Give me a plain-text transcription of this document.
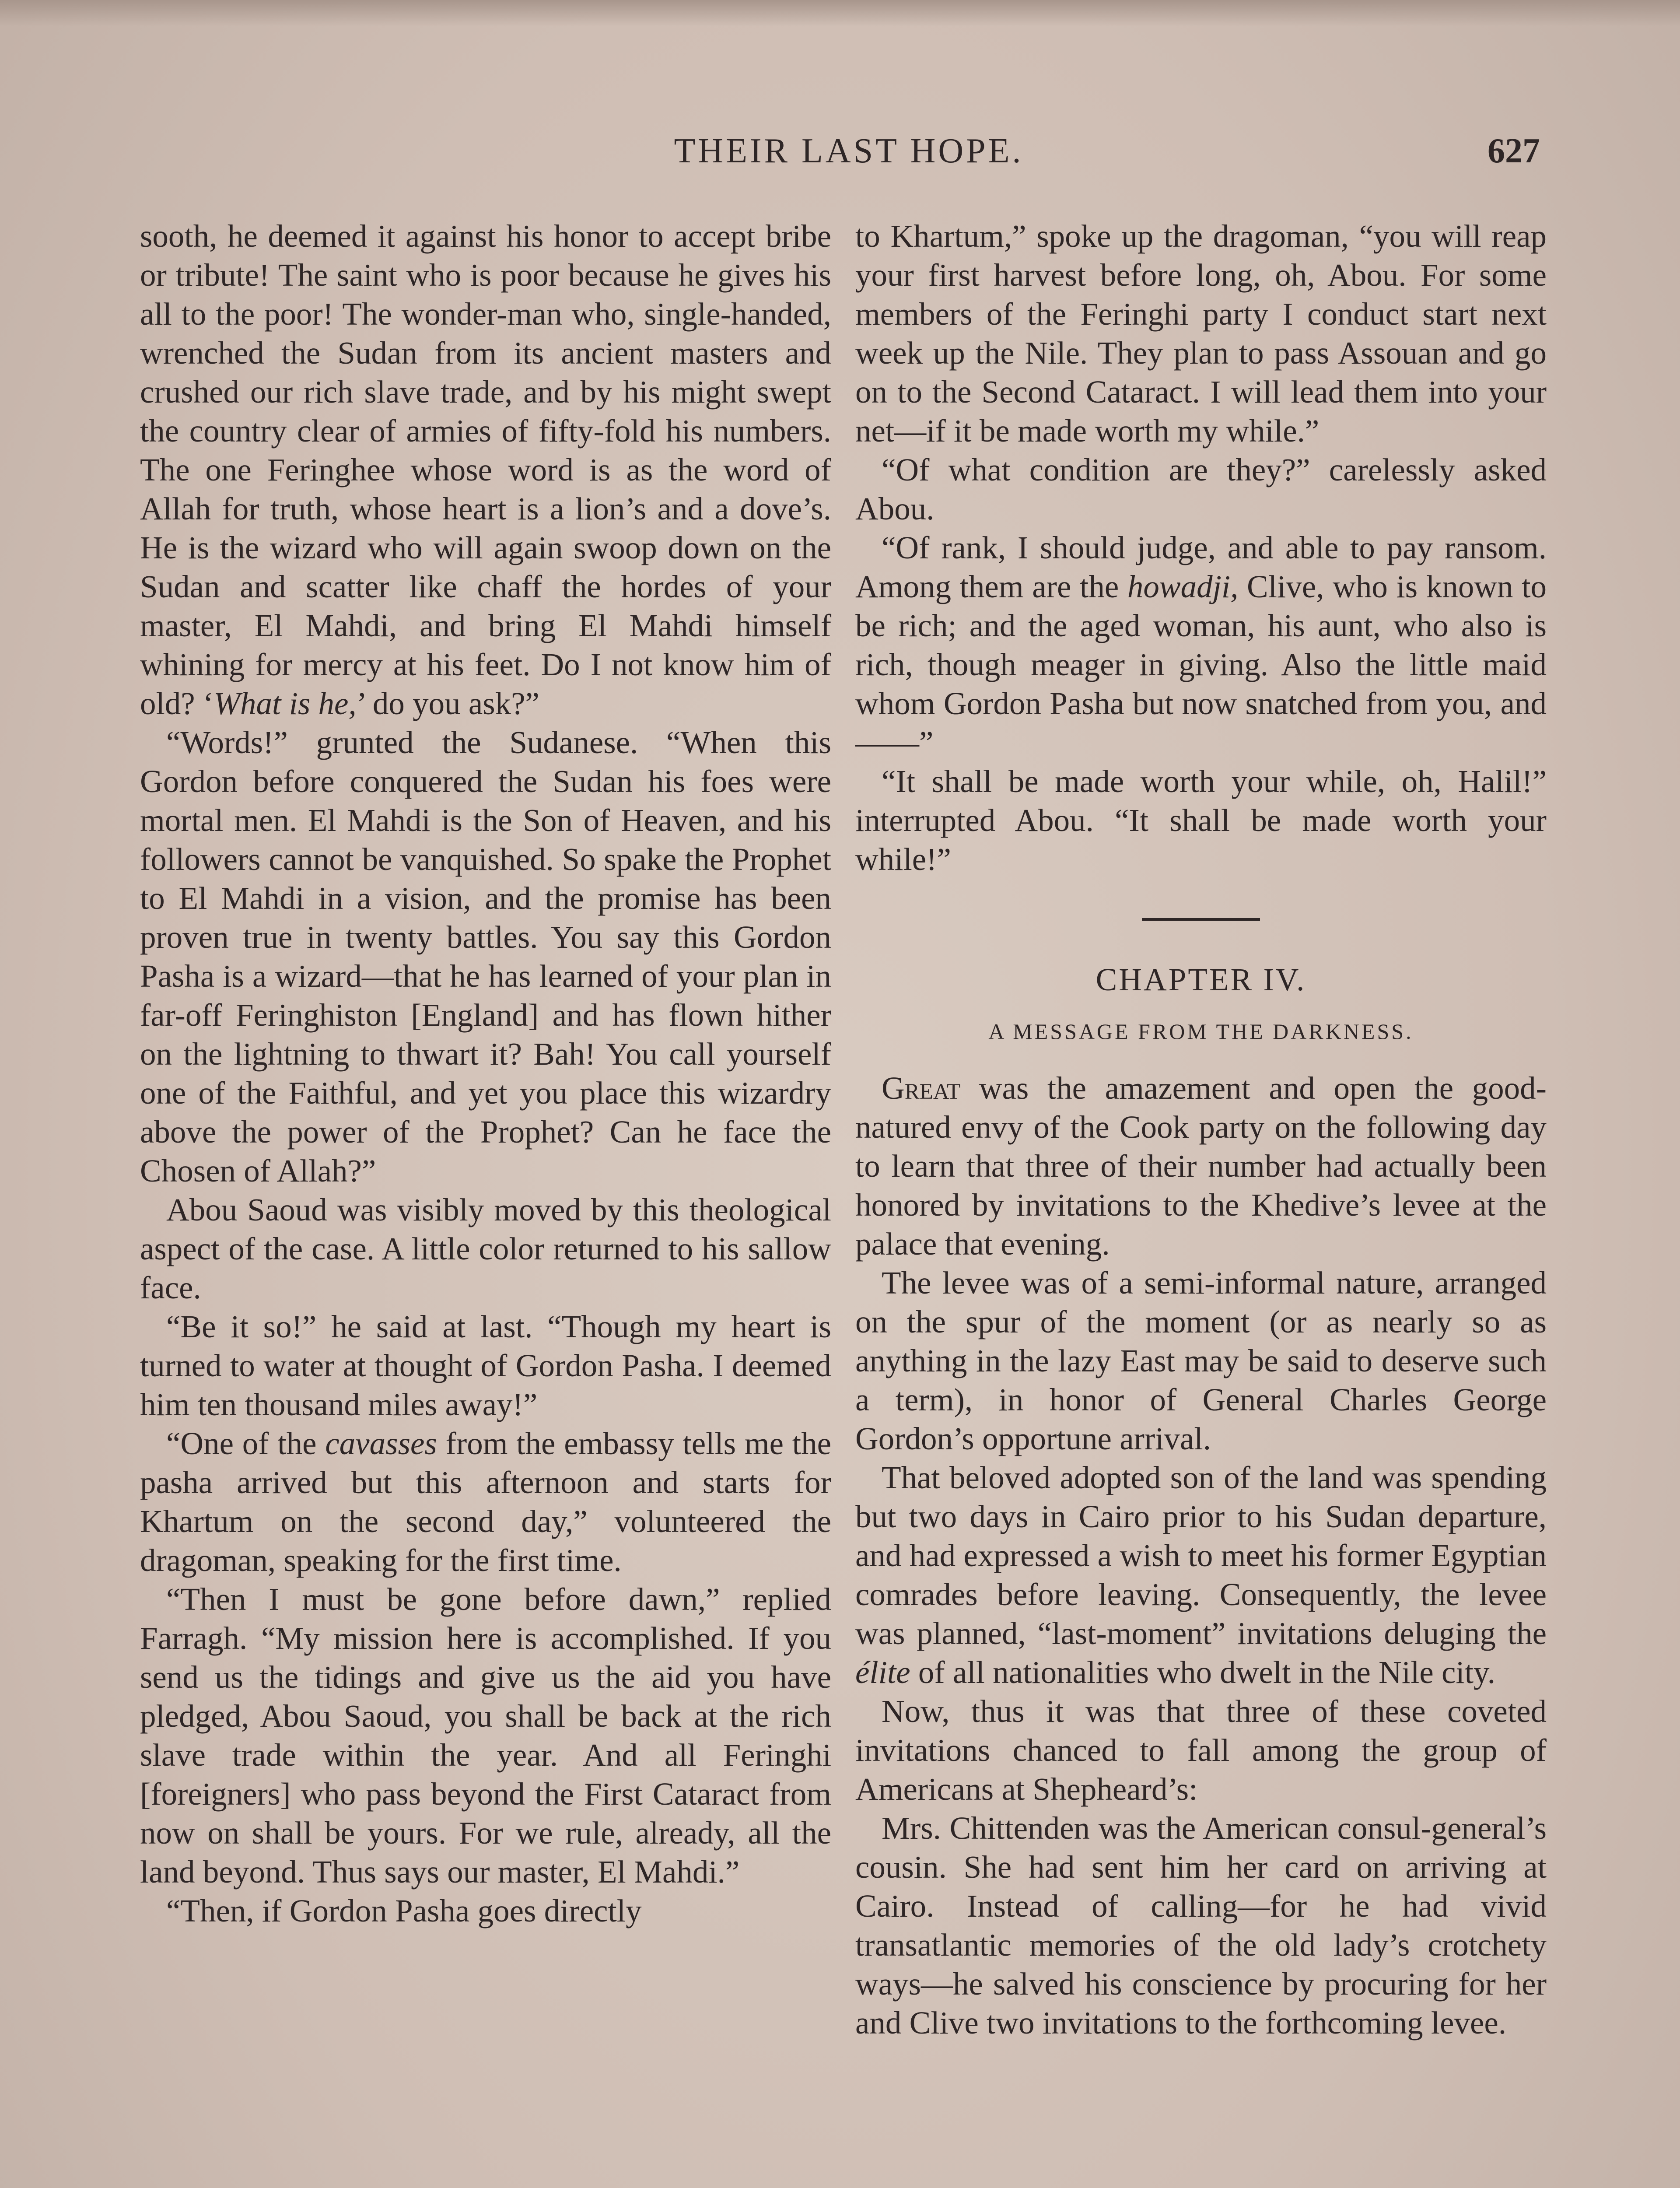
THEIR LAST HOPE.	627

sooth, he deemed it against his honor to accept bribe or tribute! The saint who is poor because he gives his all to the poor! The wonder-man who, single-handed, wrenched the Sudan from its ancient masters and crushed our rich slave trade, and by his might swept the country clear of armies of fifty-fold his numbers. The one Feringhee whose word is as the word of Allah for truth, whose heart is a lion’s and a dove’s. He is the wizard who will again swoop down on the Sudan and scatter like chaff the hordes of your master, El Mahdi, and bring El Mahdi himself whining for mercy at his feet. Do I not know him of old? ‘What is he,’ do you ask?”

“Words!” grunted the Sudanese. “When this Gordon before conquered the Sudan his foes were mortal men. El Mahdi is the Son of Heaven, and his followers cannot be vanquished. So spake the Prophet to El Mahdi in a vision, and the promise has been proven true in twenty battles. You say this Gordon Pasha is a wizard—that he has learned of your plan in far-off Feringhiston [England] and has flown hither on the lightning to thwart it? Bah! You call yourself one of the Faithful, and yet you place this wizardry above the power of the Prophet? Can he face the Chosen of Allah?”

Abou Saoud was visibly moved by this theological aspect of the case. A little color returned to his sallow face.

“Be it so!” he said at last. “Though my heart is turned to water at thought of Gordon Pasha. I deemed him ten thousand miles away!”

“One of the cavasses from the embassy tells me the pasha arrived but this afternoon and starts for Khartum on the second day,” volunteered the dragoman, speaking for the first time.

“Then I must be gone before dawn,” replied Farragh. “My mission here is accomplished. If you send us the tidings and give us the aid you have pledged, Abou Saoud, you shall be back at the rich slave trade within the year. And all Feringhi [foreigners] who pass beyond the First Cataract from now on shall be yours. For we rule, already, all the land beyond. Thus says our master, El Mahdi.”

“Then, if Gordon Pasha goes directly

to Khartum,” spoke up the dragoman, “you will reap your first harvest before long, oh, Abou. For some members of the Feringhi party I conduct start next week up the Nile. They plan to pass Assouan and go on to the Second Cataract. I will lead them into your net—if it be made worth my while.”

“Of what condition are they?” carelessly asked Abou.

“Of rank, I should judge, and able to pay ransom. Among them are the howadji, Clive, who is known to be rich; and the aged woman, his aunt, who also is rich, though meager in giving. Also the little maid whom Gordon Pasha but now snatched from you, and——”

“It shall be made worth your while, oh, Halil!” interrupted Abou. “It shall be made worth your while!”

CHAPTER IV.

A MESSAGE FROM THE DARKNESS.

Great was the amazement and open the good-natured envy of the Cook party on the following day to learn that three of their number had actually been honored by invitations to the Khedive’s levee at the palace that evening.

The levee was of a semi-informal nature, arranged on the spur of the moment (or as nearly so as anything in the lazy East may be said to deserve such a term), in honor of General Charles George Gordon’s opportune arrival.

That beloved adopted son of the land was spending but two days in Cairo prior to his Sudan departure, and had expressed a wish to meet his former Egyptian comrades before leaving. Consequently, the levee was planned, “last-moment” invitations deluging the élite of all nationalities who dwelt in the Nile city.

Now, thus it was that three of these coveted invitations chanced to fall among the group of Americans at Shepheard’s:

Mrs. Chittenden was the American consul-general’s cousin. She had sent him her card on arriving at Cairo. Instead of calling—for he had vivid transatlantic memories of the old lady’s crotchety ways—he salved his conscience by procuring for her and Clive two invitations to the forthcoming levee.
